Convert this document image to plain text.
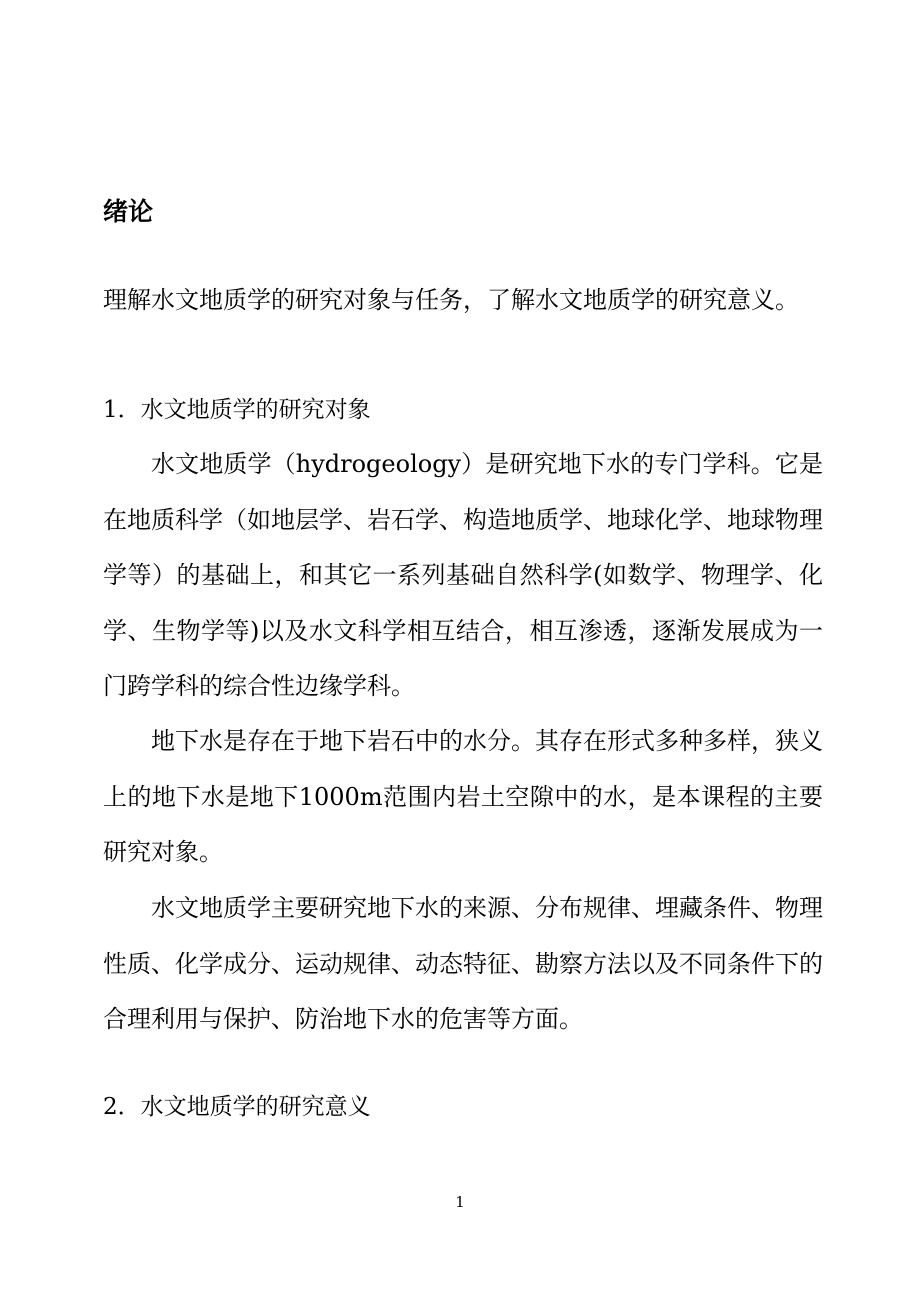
绪论
理解水文地质学的研究对象与任务，了解水文地质学的研究意义。
1．水文地质学的研究对象
水文地质学（hydrogeology）是研究地下水的专门学科。它是在地质科学（如地层学、岩石学、构造地质学、地球化学、地球物理学等）的基础上，和其它一系列基础自然科学(如数学、物理学、化学、生物学等)以及水文科学相互结合，相互渗透，逐渐发展成为一门跨学科的综合性边缘学科。
地下水是存在于地下岩石中的水分。其存在形式多种多样，狭义上的地下水是地下1000m范围内岩土空隙中的水，是本课程的主要研究对象。
水文地质学主要研究地下水的来源、分布规律、埋藏条件、物理性质、化学成分、运动规律、动态特征、勘察方法以及不同条件下的合理利用与保护、防治地下水的危害等方面。
2．水文地质学的研究意义
1
